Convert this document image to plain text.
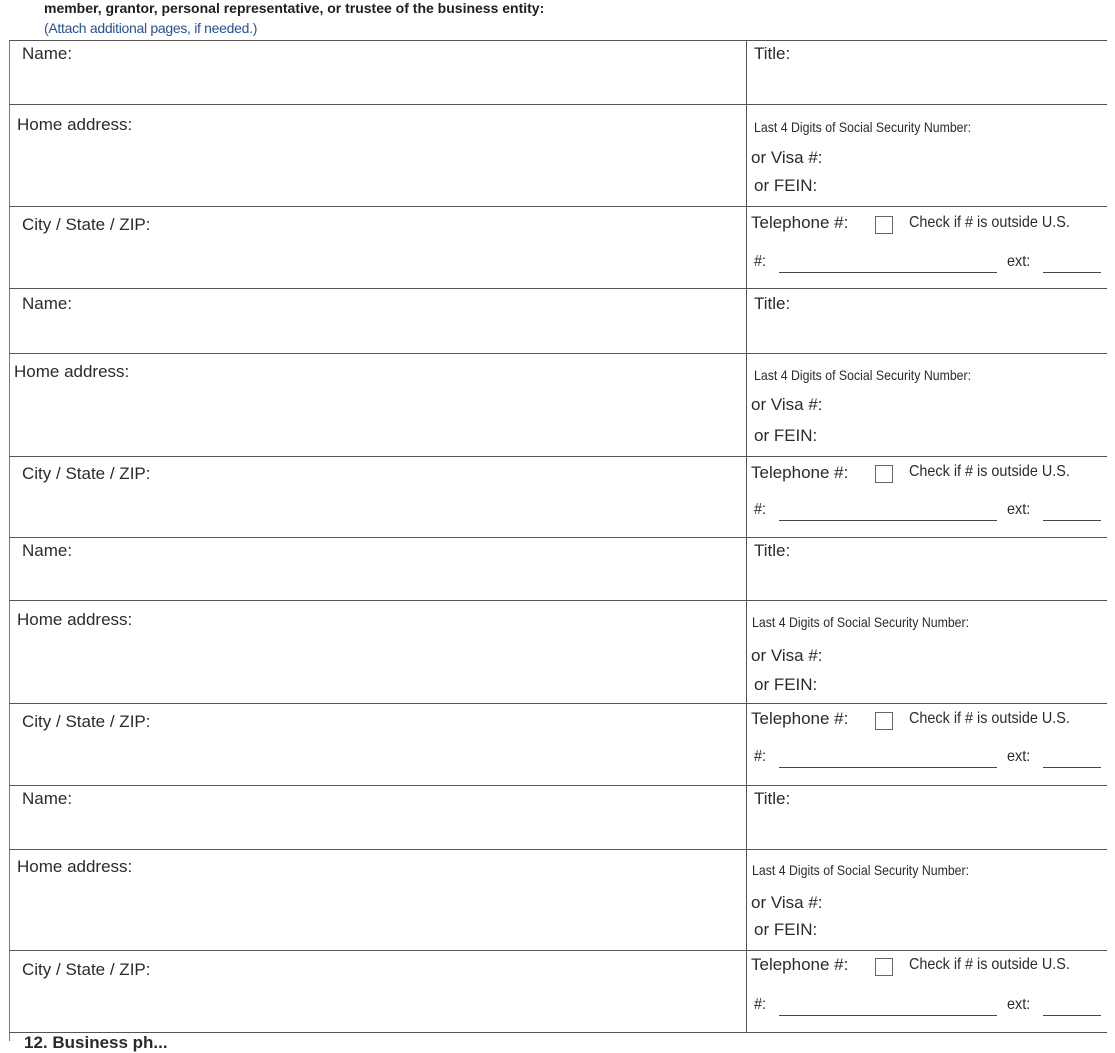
member, grantor, personal representative, or trustee of the business entity:
(Attach additional pages, if needed.)
Name:	Title:
Home address:	Last 4 Digits of Social Security Number:
or Visa #:
or FEIN:
City / State / ZIP:	Telephone #:	Check if # is outside U.S.
#:	ext:
Name:	Title:
Home address:	Last 4 Digits of Social Security Number:
or Visa #:
or FEIN:
City / State / ZIP:	Telephone #:	Check if # is outside U.S.
#:	ext:
Name:	Title:
Home address:	Last 4 Digits of Social Security Number:
or Visa #:
or FEIN:
City / State / ZIP:	Telephone #:	Check if # is outside U.S.
#:	ext:
Name:	Title:
Home address:	Last 4 Digits of Social Security Number:
or Visa #:
or FEIN:
City / State / ZIP:	Telephone #:	Check if # is outside U.S.
#:	ext:
12. Business ph...
